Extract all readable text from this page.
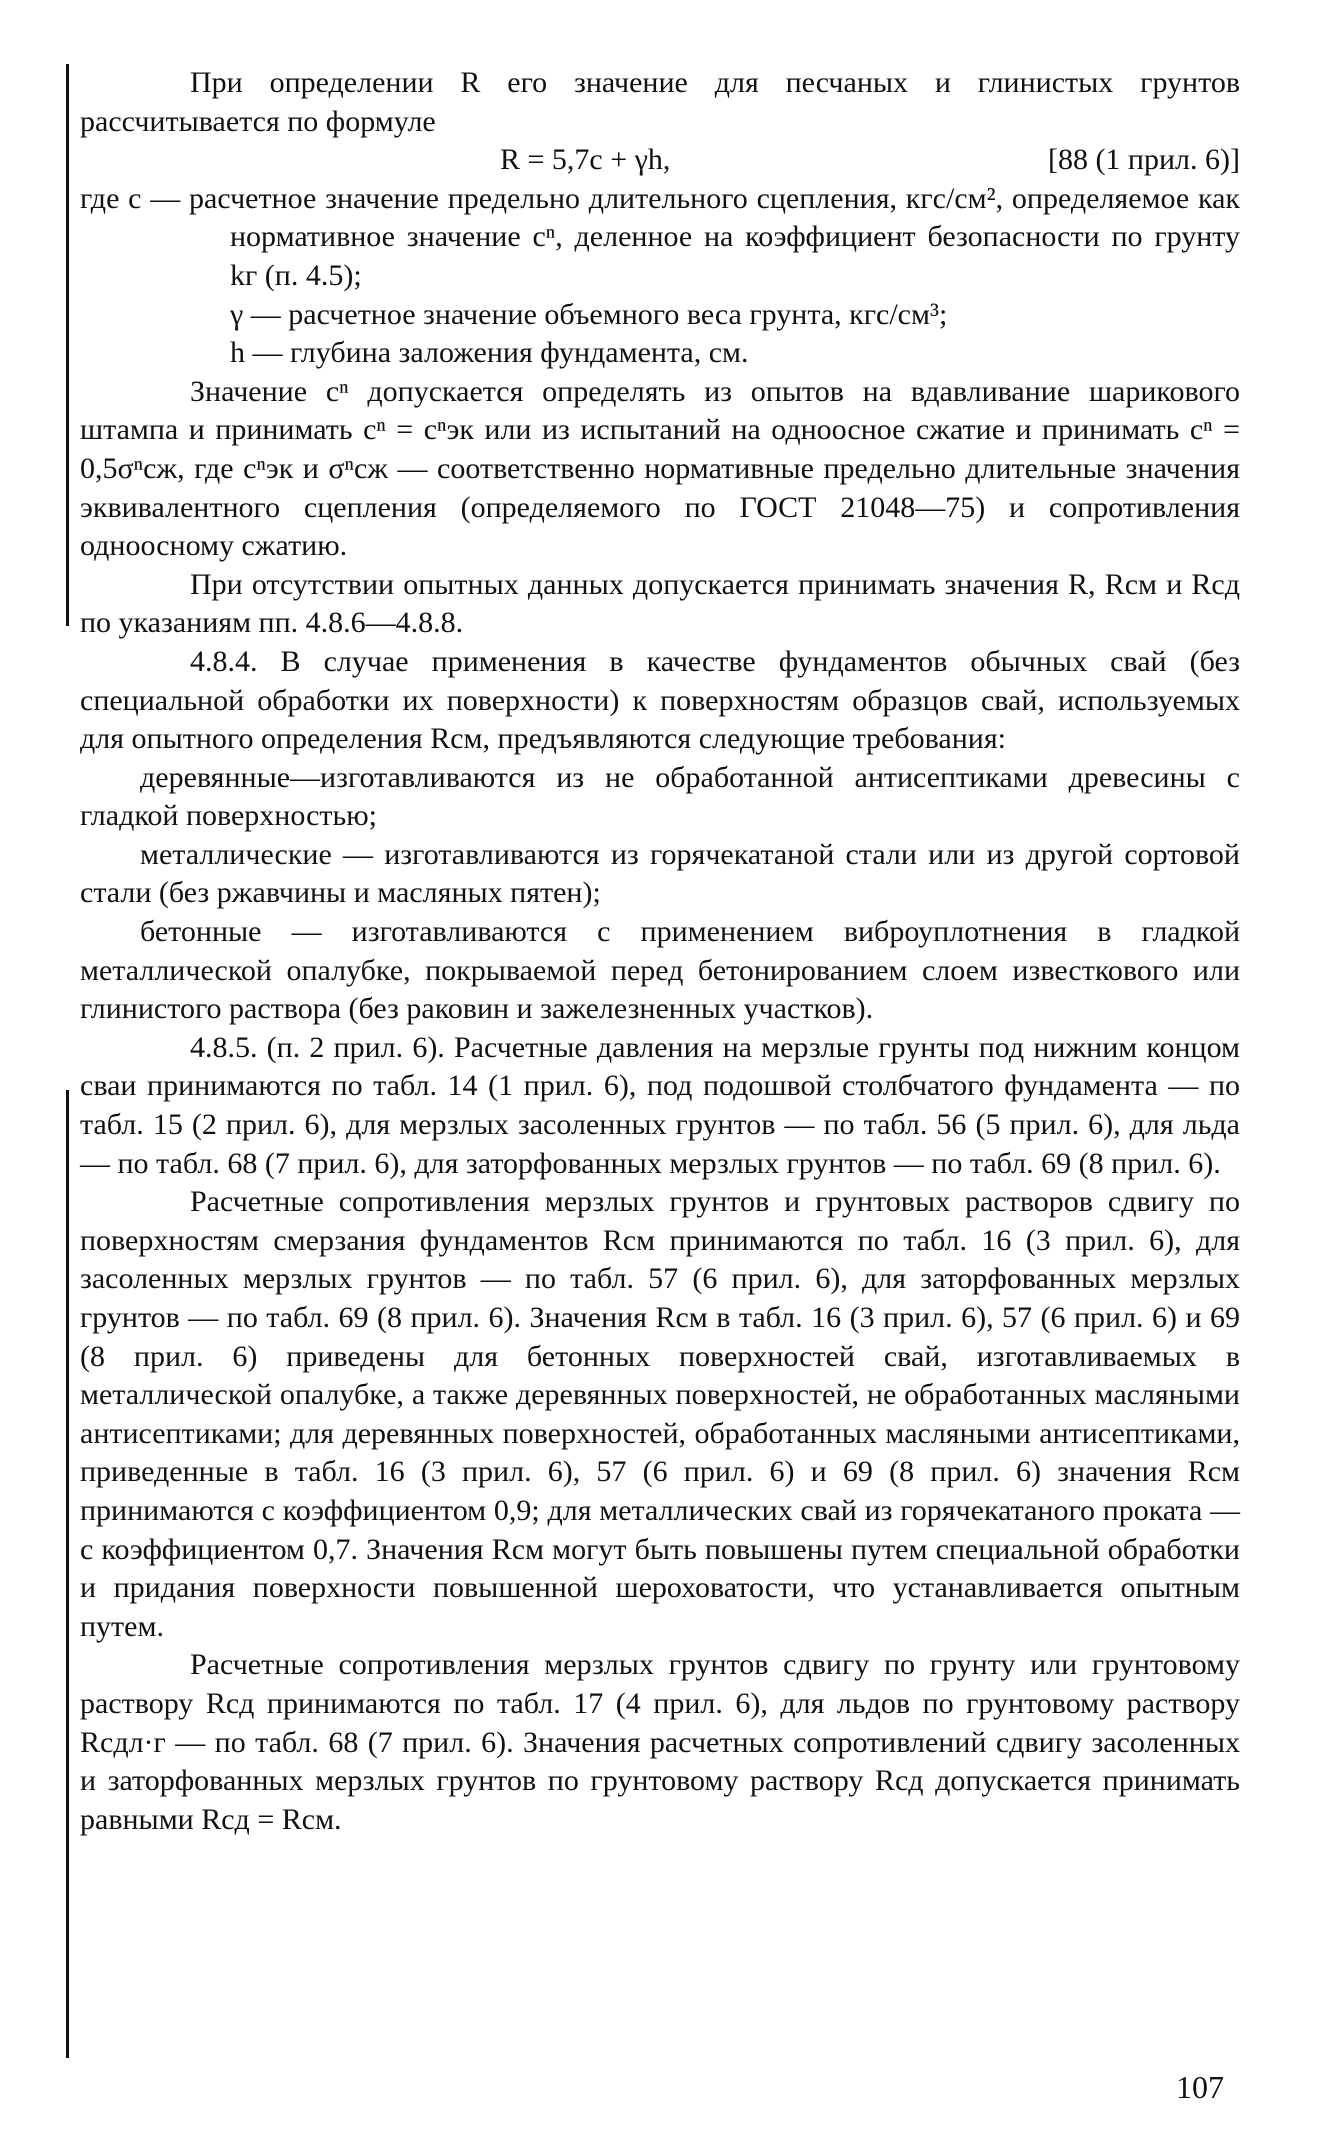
При определении R его значение для песчаных и глинистых грунтов рассчитывается по формуле

R = 5,7c + γh,	[88 (1 прил. 6)]

где c — расчетное значение предельно длительного сцепления, кгс/см², определяемое как нормативное значение cⁿ, деленное на коэффициент безопасности по грунту kг (п. 4.5);

γ — расчетное значение объемного веса грунта, кгс/см³;

h — глубина заложения фундамента, см.

Значение cⁿ допускается определять из опытов на вдавливание шарикового штампа и принимать cⁿ = cⁿэк или из испытаний на одноосное сжатие и принимать cⁿ = 0,5σⁿсж, где cⁿэк и σⁿсж — соответственно нормативные предельно длительные значения эквивалентного сцепления (определяемого по ГОСТ 21048—75) и сопротивления одноосному сжатию.

При отсутствии опытных данных допускается принимать значения R, Rсм и Rсд по указаниям пп. 4.8.6—4.8.8.

4.8.4. В случае применения в качестве фундаментов обычных свай (без специальной обработки их поверхности) к поверхностям образцов свай, используемых для опытного определения Rсм, предъявляются следующие требования:

деревянные—изготавливаются из не обработанной антисептиками древесины с гладкой поверхностью;

металлические — изготавливаются из горячекатаной стали или из другой сортовой стали (без ржавчины и масляных пятен);

бетонные — изготавливаются с применением виброуплотнения в гладкой металлической опалубке, покрываемой перед бетонированием слоем известкового или глинистого раствора (без раковин и зажелезненных участков).

4.8.5. (п. 2 прил. 6). Расчетные давления на мерзлые грунты под нижним концом сваи принимаются по табл. 14 (1 прил. 6), под подошвой столбчатого фундамента — по табл. 15 (2 прил. 6), для мерзлых засоленных грунтов — по табл. 56 (5 прил. 6), для льда — по табл. 68 (7 прил. 6), для заторфованных мерзлых грунтов — по табл. 69 (8 прил. 6).

Расчетные сопротивления мерзлых грунтов и грунтовых растворов сдвигу по поверхностям смерзания фундаментов Rсм принимаются по табл. 16 (3 прил. 6), для засоленных мерзлых грунтов — по табл. 57 (6 прил. 6), для заторфованных мерзлых грунтов — по табл. 69 (8 прил. 6). Значения Rсм в табл. 16 (3 прил. 6), 57 (6 прил. 6) и 69 (8 прил. 6) приведены для бетонных поверхностей свай, изготавливаемых в металлической опалубке, а также деревянных поверхностей, не обработанных масляными антисептиками; для деревянных поверхностей, обработанных масляными антисептиками, приведенные в табл. 16 (3 прил. 6), 57 (6 прил. 6) и 69 (8 прил. 6) значения Rсм принимаются с коэффициентом 0,9; для металлических свай из горячекатаного проката — с коэффициентом 0,7. Значения Rсм могут быть повышены путем специальной обработки и придания поверхности повышенной шероховатости, что устанавливается опытным путем.

Расчетные сопротивления мерзлых грунтов сдвигу по грунту или грунтовому раствору Rсд принимаются по табл. 17 (4 прил. 6), для льдов по грунтовому раствору Rсдл·г — по табл. 68 (7 прил. 6). Значения расчетных сопротивлений сдвигу засоленных и заторфованных мерзлых грунтов по грунтовому раствору Rсд допускается принимать равными Rсд = Rсм.

107
